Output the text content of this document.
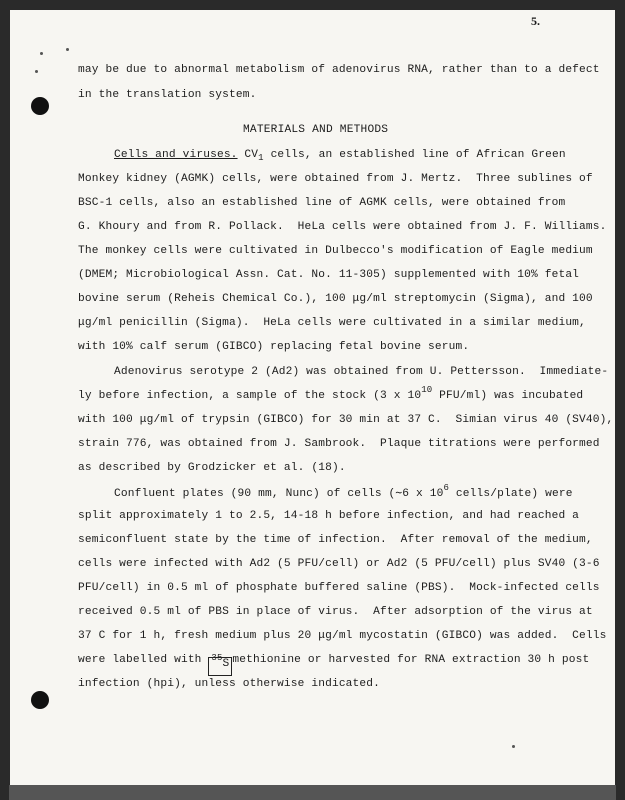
5.
may be due to abnormal metabolism of adenovirus RNA, rather than to a defect
in the translation system.
MATERIALS AND METHODS
Cells and viruses. $CV_1$ cells, an established line of African Green
Monkey kidney (AGMK) cells, were obtained from J. Mertz.  Three sublines of
BSC-1 cells, also an established line of AGMK cells, were obtained from
G. Khoury and from R. Pollack.  HeLa cells were obtained from J. F. Williams.
The monkey cells were cultivated in Dulbecco's modification of Eagle medium
(DMEM; Microbiological Assn. Cat. No. 11-305) supplemented with 10% fetal
bovine serum (Reheis Chemical Co.), 100 μg/ml streptomycin (Sigma), and 100
μg/ml penicillin (Sigma).  HeLa cells were cultivated in a similar medium,
with 10% calf serum (GIBCO) replacing fetal bovine serum.
Adenovirus serotype 2 (Ad2) was obtained from U. Pettersson.  Immediate-
ly before infection, a sample of the stock (3 x $10^{10}$ PFU/ml) was incubated
with 100 μg/ml of trypsin (GIBCO) for 30 min at 37 C.  Simian virus 40 (SV40),
strain 776, was obtained from J. Sambrook.  Plaque titrations were performed
as described by Grodzicker et al. (18).
Confluent plates (90 mm, Nunc) of cells (∼6 x $10^6$ cells/plate) were
split approximately 1 to 2.5, 14-18 h before infection, and had reached a
semiconfluent state by the time of infection.  After removal of the medium,
cells were infected with Ad2 (5 PFU/cell) or Ad2 (5 PFU/cell) plus SV40 (3-6
PFU/cell) in 0.5 ml of phosphate buffered saline (PBS).  Mock-infected cells
received 0.5 ml of PBS in place of virus.  After adsorption of the virus at
37 C for 1 h, fresh medium plus 20 μg/ml mycostatin (GIBCO) was added.  Cells
were labelled with $^{35}$S methionine or harvested for RNA extraction 30 h post
infection (hpi), unless otherwise indicated.
